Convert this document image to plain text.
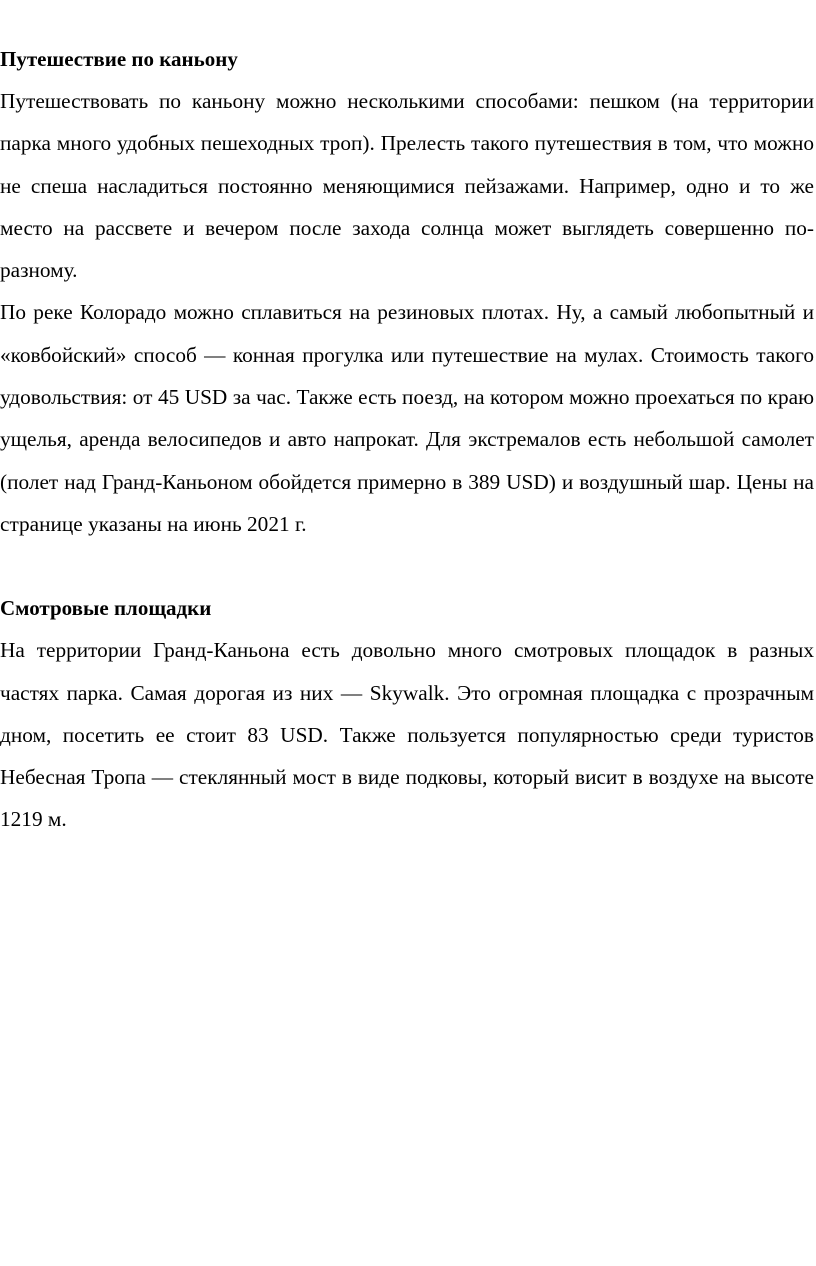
Путешествие по каньону

Путешествовать по каньону можно несколькими способами: пешком (на территории парка много удобных пешеходных троп). Прелесть такого путешествия в том, что можно не спеша насладиться постоянно меняющимися пейзажами. Например, одно и то же место на рассвете и вечером после захода солнца может выглядеть совершенно по-разному.

По реке Колорадо можно сплавиться на резиновых плотах. Ну, а самый любопытный и «ковбойский» способ — конная прогулка или путешествие на мулах. Стоимость такого удовольствия: от 45 USD за час. Также есть поезд, на котором можно проехаться по краю ущелья, аренда велосипедов и авто напрокат. Для экстремалов есть небольшой самолет (полет над Гранд-Каньоном обойдется примерно в 389 USD) и воздушный шар. Цены на странице указаны на июнь 2021 г.

Смотровые площадки

На территории Гранд-Каньона есть довольно много смотровых площадок в разных частях парка. Самая дорогая из них — Skywalk. Это огромная площадка с прозрачным дном, посетить ее стоит 83 USD. Также пользуется популярностью среди туристов Небесная Тропа — стеклянный мост в виде подковы, который висит в воздухе на высоте 1219 м.
